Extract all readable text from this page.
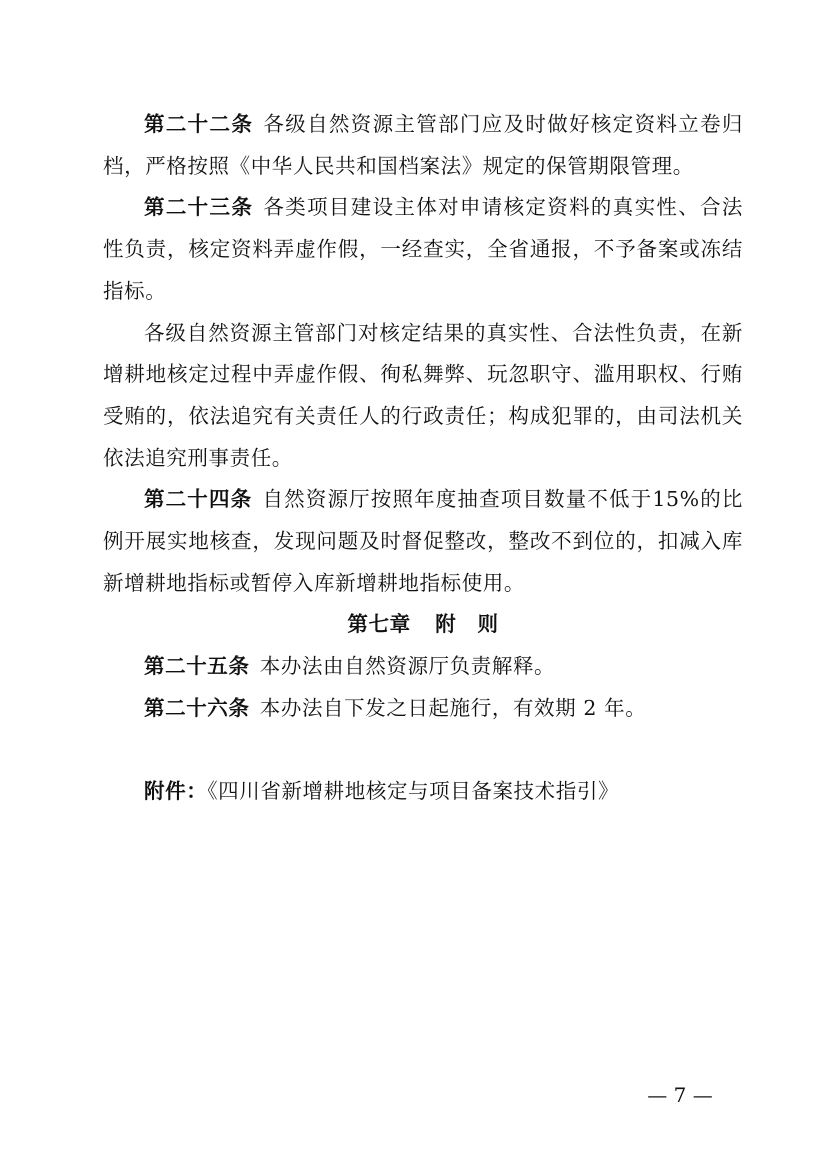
第二十二条 各级自然资源主管部门应及时做好核定资料立卷归档，严格按照《中华人民共和国档案法》规定的保管期限管理。

第二十三条 各类项目建设主体对申请核定资料的真实性、合法性负责，核定资料弄虚作假，一经查实，全省通报，不予备案或冻结指标。

各级自然资源主管部门对核定结果的真实性、合法性负责，在新增耕地核定过程中弄虚作假、徇私舞弊、玩忽职守、滥用职权、行贿受贿的，依法追究有关责任人的行政责任；构成犯罪的，由司法机关依法追究刑事责任。

第二十四条 自然资源厅按照年度抽查项目数量不低于15%的比例开展实地核查，发现问题及时督促整改，整改不到位的，扣减入库新增耕地指标或暂停入库新增耕地指标使用。

第七章 附　则

第二十五条 本办法由自然资源厅负责解释。

第二十六条 本办法自下发之日起施行，有效期 2 年。

附件：《四川省新增耕地核定与项目备案技术指引》

— 7 —
